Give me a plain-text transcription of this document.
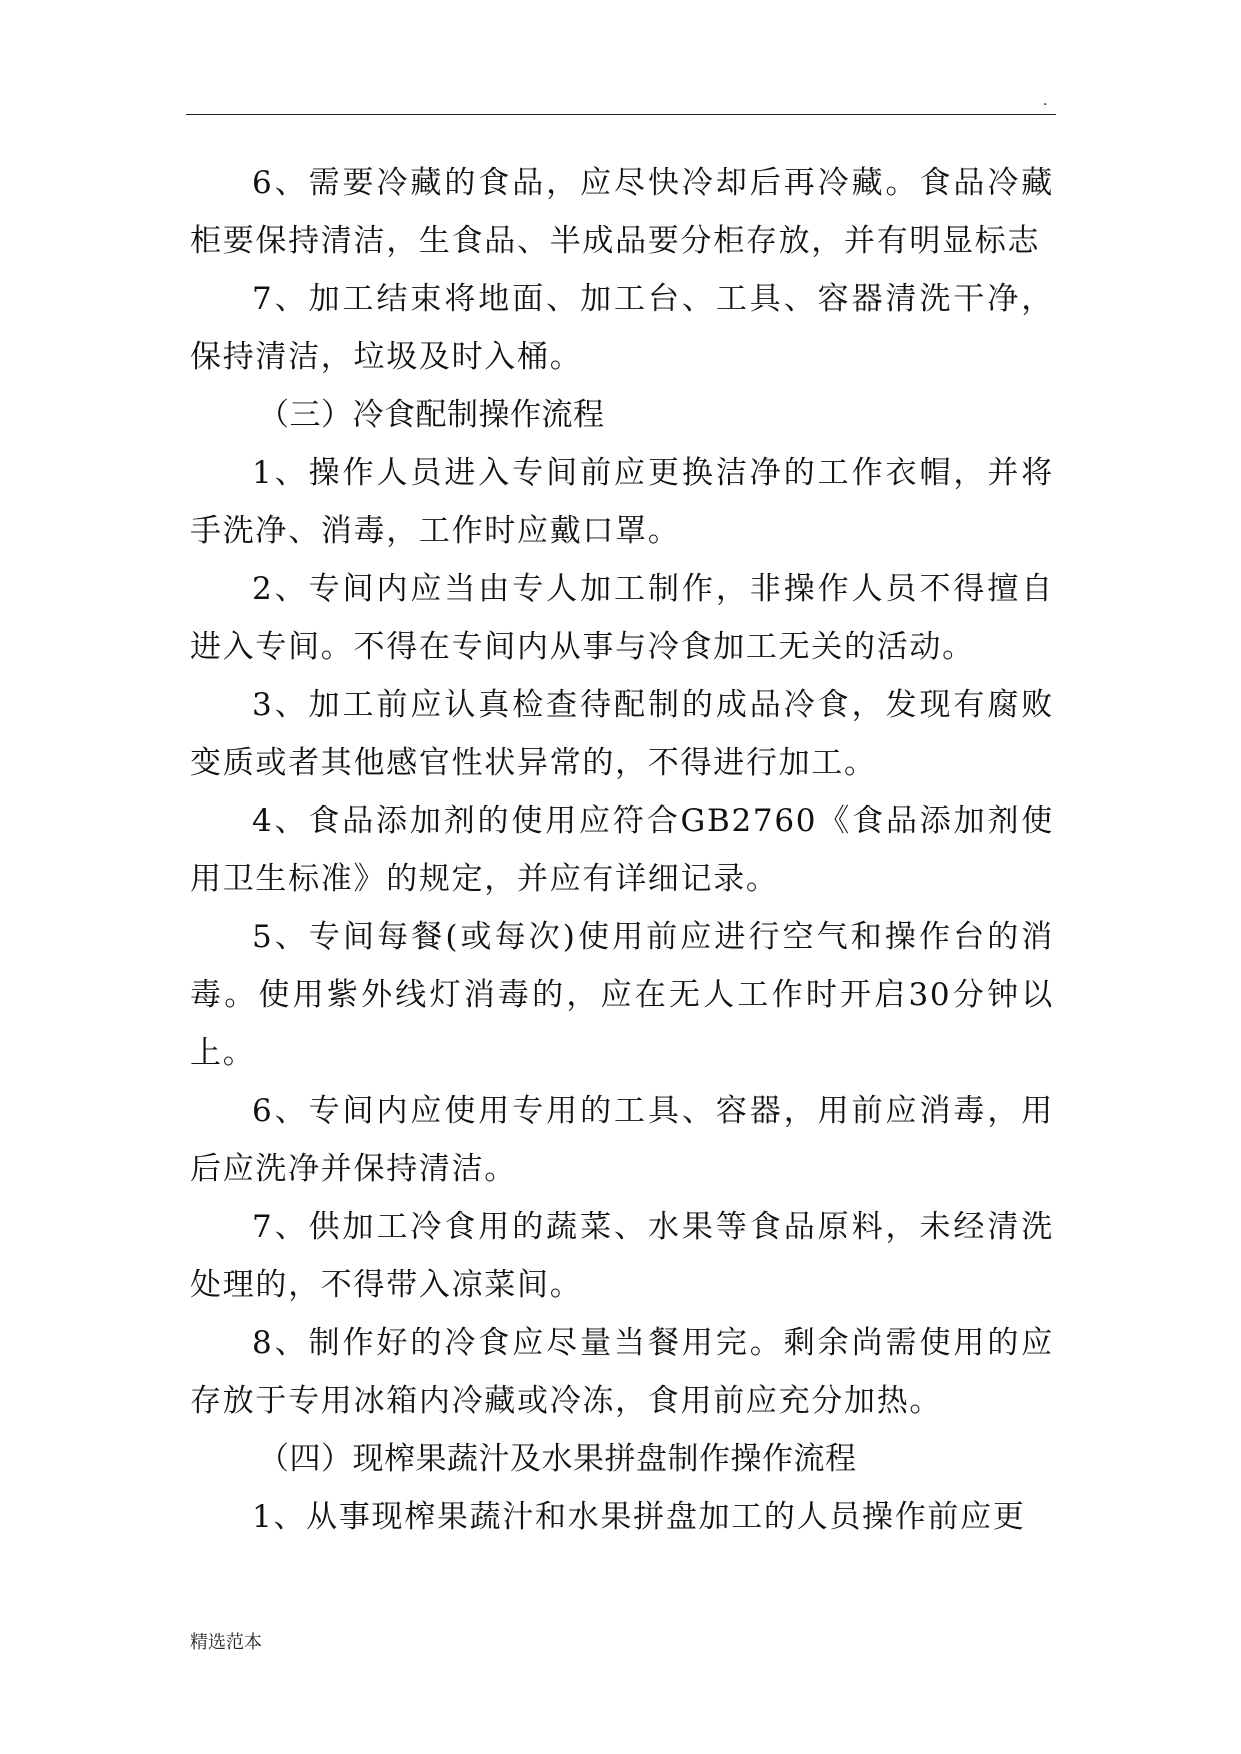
.

6、需要冷藏的食品，应尽快冷却后再冷藏。食品冷藏柜要保持清洁，生食品、半成品要分柜存放，并有明显标志

7、加工结束将地面、加工台、工具、容器清洗干净，保持清洁，垃圾及时入桶。

（三）冷食配制操作流程

1、操作人员进入专间前应更换洁净的工作衣帽，并将手洗净、消毒，工作时应戴口罩。

2、专间内应当由专人加工制作，非操作人员不得擅自进入专间。不得在专间内从事与冷食加工无关的活动。

3、加工前应认真检查待配制的成品冷食，发现有腐败变质或者其他感官性状异常的，不得进行加工。

4、食品添加剂的使用应符合GB2760《食品添加剂使用卫生标准》的规定，并应有详细记录。

5、专间每餐(或每次)使用前应进行空气和操作台的消毒。使用紫外线灯消毒的，应在无人工作时开启30分钟以上。

6、专间内应使用专用的工具、容器，用前应消毒，用后应洗净并保持清洁。

7、供加工冷食用的蔬菜、水果等食品原料，未经清洗处理的，不得带入凉菜间。

8、制作好的冷食应尽量当餐用完。剩余尚需使用的应存放于专用冰箱内冷藏或冷冻，食用前应充分加热。

（四）现榨果蔬汁及水果拼盘制作操作流程

1、从事现榨果蔬汁和水果拼盘加工的人员操作前应更

精选范本
